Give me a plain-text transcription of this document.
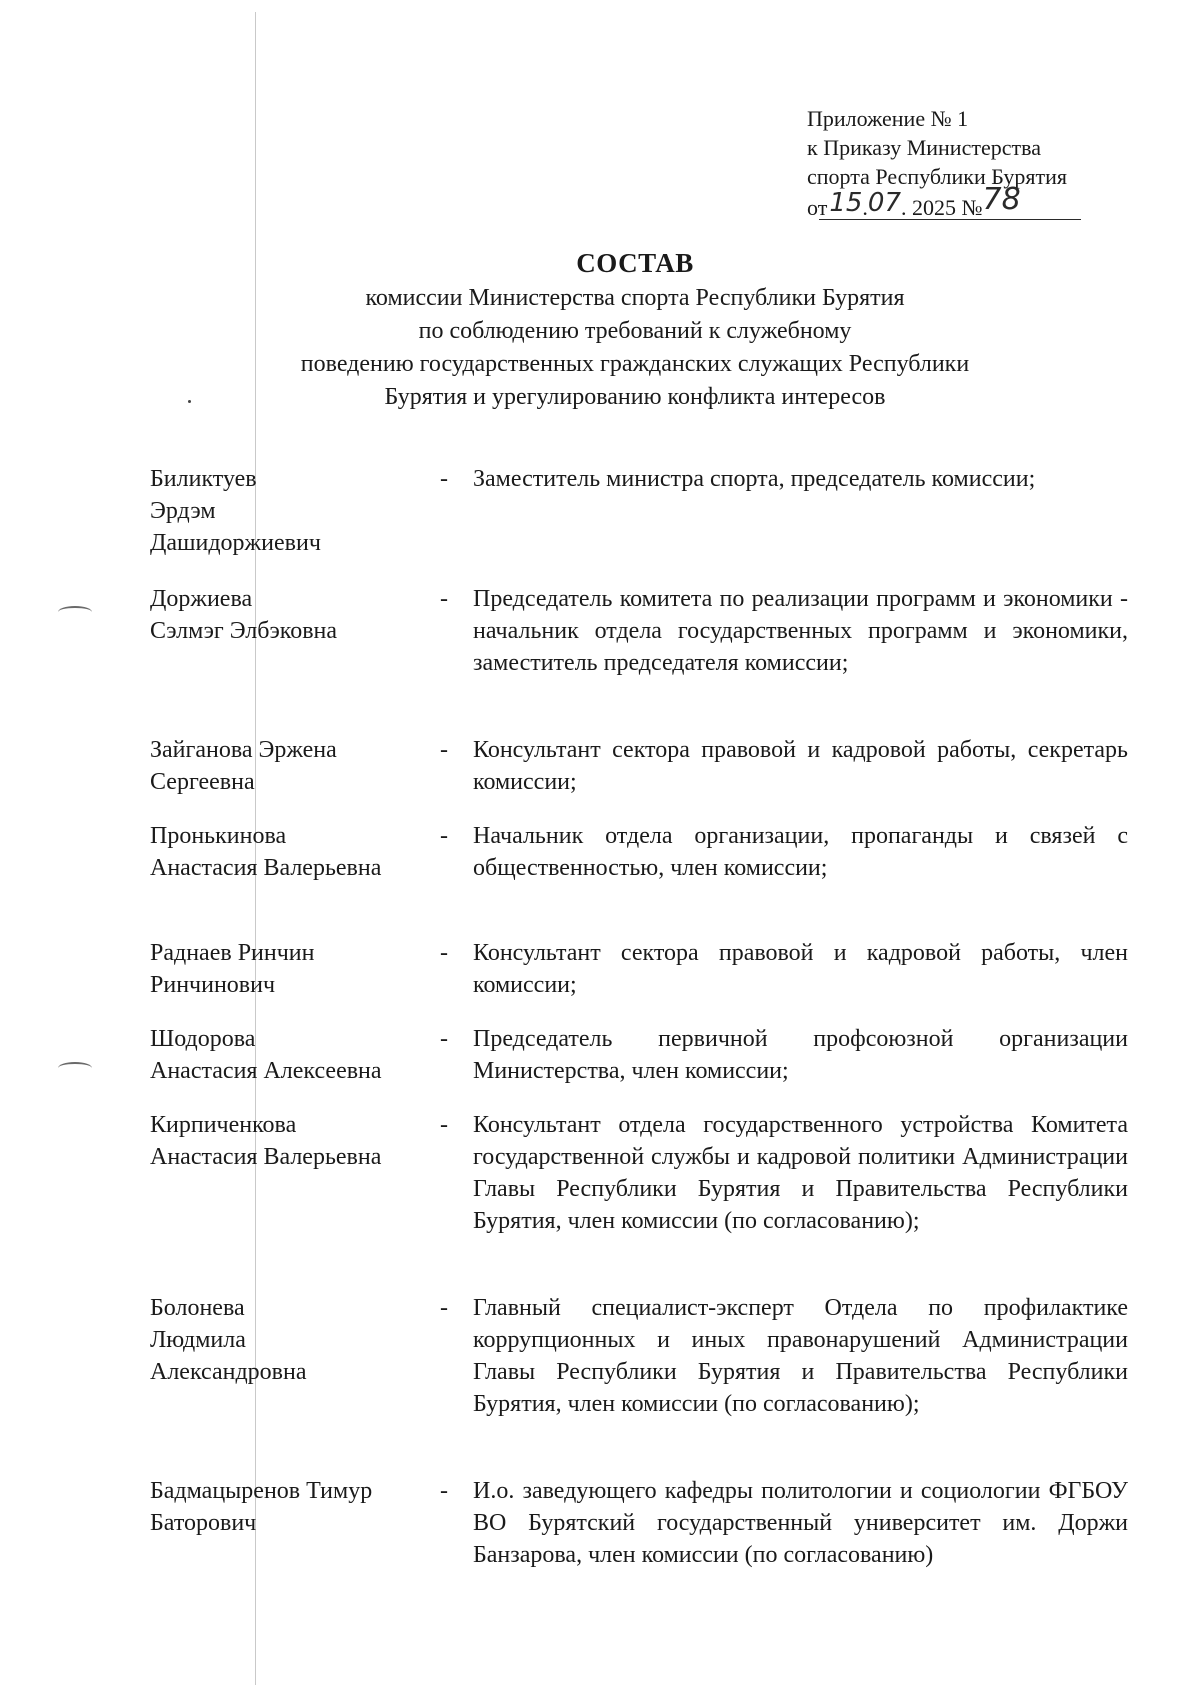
Приложение № 1
к Приказу Министерства
спорта Республики Бурятия
от15.07. 2025 №78
СОСТАВ
комиссии Министерства спорта Республики Бурятия
по соблюдению требований к служебному
поведению государственных гражданских служащих Республики
Бурятия и урегулированию конфликта интересов
Биликтуев
Эрдэм
Дашидоржиевич
- Заместитель министра спорта, председатель комиссии;
Доржиева
Сэлмэг Элбэковна
- Председатель комитета по реализации программ и экономики - начальник отдела государственных программ и экономики, заместитель председателя комиссии;
Зайганова Эржена
Сергеевна
- Консультант сектора правовой и кадровой работы, секретарь комиссии;
Пронькинова
Анастасия Валерьевна
- Начальник отдела организации, пропаганды и связей с общественностью, член комиссии;
Раднаев Ринчин
Ринчинович
- Консультант сектора правовой и кадровой работы, член комиссии;
Шодорова
Анастасия Алексеевна
- Председатель первичной профсоюзной организации Министерства, член комиссии;
Кирпиченкова
Анастасия Валерьевна
- Консультант отдела государственного устройства Комитета государственной службы и кадровой политики Администрации Главы Республики Бурятия и Правительства Республики Бурятия, член комиссии (по согласованию);
Болонева
Людмила
Александровна
- Главный специалист-эксперт Отдела по профилактике коррупционных и иных правонарушений Администрации Главы Республики Бурятия и Правительства Республики Бурятия, член комиссии (по согласованию);
Бадмацыренов Тимур
Баторович
- И.о. заведующего кафедры политологии и социологии ФГБОУ ВО Бурятский государственный университет им. Доржи Банзарова, член комиссии (по согласованию)
